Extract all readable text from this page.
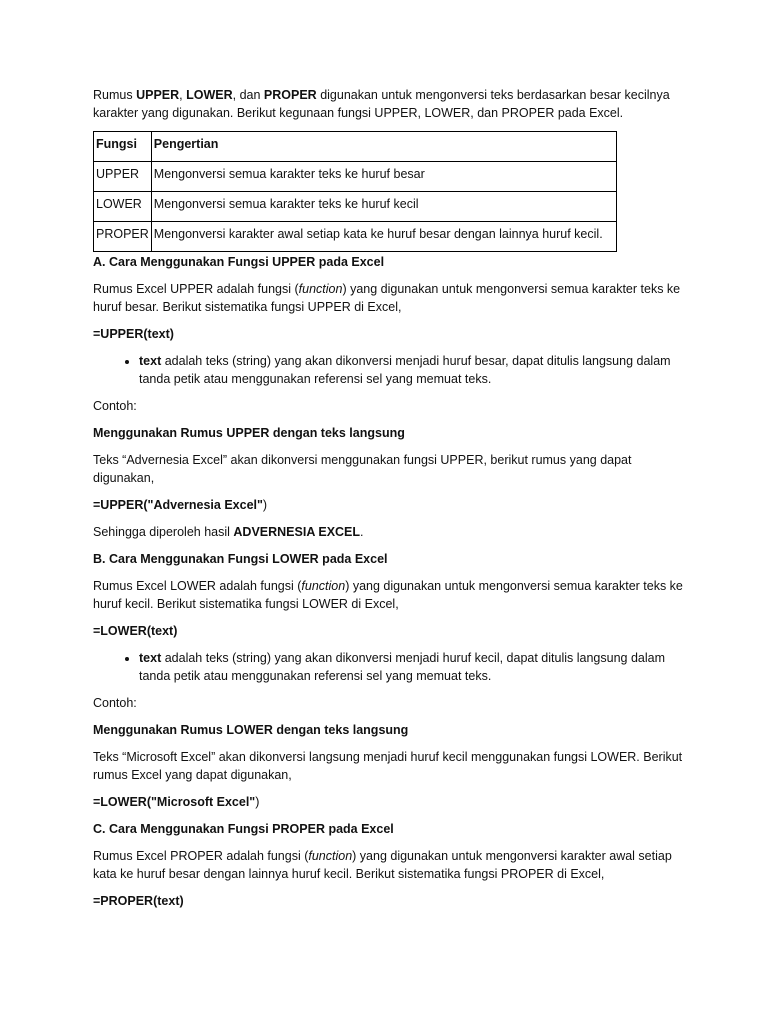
Rumus UPPER, LOWER, dan PROPER digunakan untuk mengonversi teks berdasarkan besar kecilnya karakter yang digunakan. Berikut kegunaan fungsi UPPER, LOWER, dan PROPER pada Excel.

Fungsi	Pengertian
UPPER	Mengonversi semua karakter teks ke huruf besar
LOWER	Mengonversi semua karakter teks ke huruf kecil
PROPER	Mengonversi karakter awal setiap kata ke huruf besar dengan lainnya huruf kecil.

A. Cara Menggunakan Fungsi UPPER pada Excel

Rumus Excel UPPER adalah fungsi (function) yang digunakan untuk mengonversi semua karakter teks ke huruf besar. Berikut sistematika fungsi UPPER di Excel,

=UPPER(text)

• text adalah teks (string) yang akan dikonversi menjadi huruf besar, dapat ditulis langsung dalam tanda petik atau menggunakan referensi sel yang memuat teks.

Contoh:

Menggunakan Rumus UPPER dengan teks langsung

Teks “Advernesia Excel” akan dikonversi menggunakan fungsi UPPER, berikut rumus yang dapat digunakan,

=UPPER("Advernesia Excel")

Sehingga diperoleh hasil ADVERNESIA EXCEL.

B. Cara Menggunakan Fungsi LOWER pada Excel

Rumus Excel LOWER adalah fungsi (function) yang digunakan untuk mengonversi semua karakter teks ke huruf kecil. Berikut sistematika fungsi LOWER di Excel,

=LOWER(text)

• text adalah teks (string) yang akan dikonversi menjadi huruf kecil, dapat ditulis langsung dalam tanda petik atau menggunakan referensi sel yang memuat teks.

Contoh:

Menggunakan Rumus LOWER dengan teks langsung

Teks “Microsoft Excel” akan dikonversi langsung menjadi huruf kecil menggunakan fungsi LOWER. Berikut rumus Excel yang dapat digunakan,

=LOWER("Microsoft Excel")

C. Cara Menggunakan Fungsi PROPER pada Excel

Rumus Excel PROPER adalah fungsi (function) yang digunakan untuk mengonversi karakter awal setiap kata ke huruf besar dengan lainnya huruf kecil. Berikut sistematika fungsi PROPER di Excel,

=PROPER(text)
